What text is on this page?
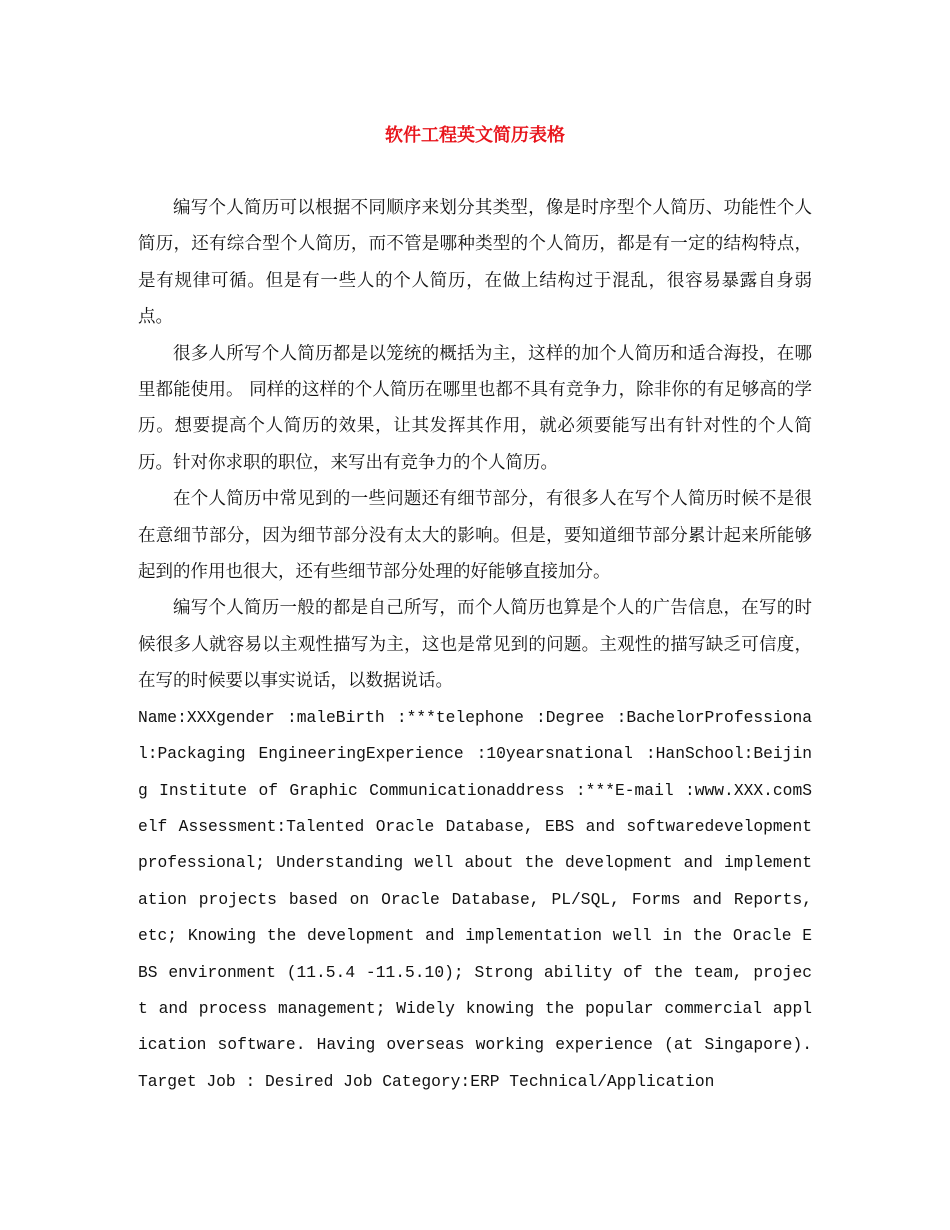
软件工程英文简历表格

编写个人简历可以根据不同顺序来划分其类型，像是时序型个人简历、功能性个人简历，还有综合型个人简历，而不管是哪种类型的个人简历，都是有一定的结构特点，是有规律可循。但是有一些人的个人简历，在做上结构过于混乱，很容易暴露自身弱点。

很多人所写个人简历都是以笼统的概括为主，这样的加个人简历和适合海投，在哪里都能使用。 同样的这样的个人简历在哪里也都不具有竞争力，除非你的有足够高的学历。想要提高个人简历的效果，让其发挥其作用，就必须要能写出有针对性的个人简历。针对你求职的职位，来写出有竞争力的个人简历。

在个人简历中常见到的一些问题还有细节部分，有很多人在写个人简历时候不是很在意细节部分，因为细节部分没有太大的影响。但是，要知道细节部分累计起来所能够起到的作用也很大，还有些细节部分处理的好能够直接加分。

编写个人简历一般的都是自己所写，而个人简历也算是个人的广告信息，在写的时候很多人就容易以主观性描写为主，这也是常见到的问题。主观性的描写缺乏可信度，在写的时候要以事实说话，以数据说话。

Name:XXXgender :maleBirth :***telephone :Degree :BachelorProfessional:Packaging EngineeringExperience :10yearsnational :HanSchool:Beijing Institute of Graphic Communicationaddress :***E-mail :www.XXX.comSelf Assessment:Talented Oracle Database, EBS and softwaredevelopment professional; Understanding well about the development and implementation projects based on Oracle Database, PL/SQL, Forms and Reports, etc; Knowing the development and implementation well in the Oracle EBS environment (11.5.4 -11.5.10); Strong ability of the team, project and process management; Widely knowing the popular commercial application software. Having overseas working experience (at Singapore).Target Job : Desired Job Category:ERP Technical/Application
